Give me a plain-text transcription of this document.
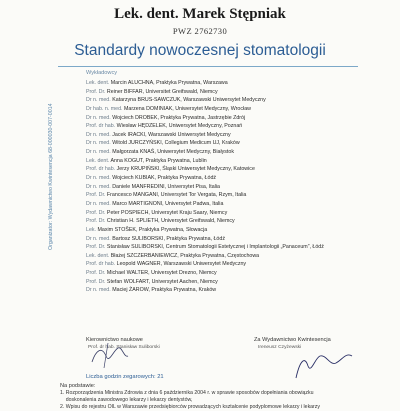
Lek. dent. Marek Stępniak
PWZ 2762730
Standardy nowoczesnej stomatologii
Organizator: Wydawnictwo Kwintesencja 68-000030-007-0014
Wykładowcy
Lek. dent. Marcin ALUCHNA, Praktyka Prywatna, Warszawa
Prof. Dr. Reiner BIFFAR, Universitet Greifswald, Niemcy
Dr n. med. Katarzyna BRUS-SAWCZUK, Warszawski Uniwersytet Medyczny
Dr hab. n. med. Marzena DOMINIAK, Uniwersytet Medyczny, Wrocław
Dr n. med. Wojciech DROBEK, Praktyka Prywatna, Jastrzębie Zdrój
Prof. dr hab. Wiesław HĘDZELEK, Uniwersytet Medyczny, Poznań
Dr n. med. Jacek IRACKI, Warszawski Uniwersytet Medyczny
Dr n. med. Witold JURCZYŃSKI, Collegium Medicum UJ, Kraków
Dr n. med. Małgorzata KNAŚ, Uniwersytet Medyczny, Białystok
Lek. dent. Anna KOGUT, Praktyka Prywatna, Lublin
Prof. dr hab. Jerzy KRUPIŃSKI, Śląski Uniwersytet Medyczny, Katowice
Dr n. med. Wojciech KUBIAK, Praktyka Prywatna, Łódź
Dr n. med. Daniele MANFREDINI, Universytet Pisa, Italia
Prof. Dr. Francesco MANGANI, Universytet Tor Vergata, Rzym, Italia
Dr n. med. Marco MARTIGNONI, Universytet Padwa, Italia
Prof. Dr. Peter POSPIECH, Universytet Kraju Saary, Niemcy
Prof. Dr. Christian H. SPLIETH, Universytet Greifswald, Niemcy
Lek. Maxim STOŠEK, Praktyka Prywatna, Słowacja
Dr n. med. Bartosz SULIBORSKI, Praktyka Prywatna, Łódź
Prof. Dr. Stanisław SULIBORSKI, Centrum Stomatologii Estetycznej i Implantologii „Panaceum”, Łódź
Lek. dent. Błażej SZCZERBANIEWICZ, Praktyka Prywatna, Częstochowa
Prof. dr hab. Leopold WAGNER, Warszawski Uniwersytet Medyczny
Prof. Dr. Michael WALTER, Universytet Drezno, Niemcy
Prof. Dr. Stefan WOLFART, Universytet Aachen, Niemcy
Dr n. med. Maciej ŻAROW, Praktyka Prywatna, Kraków
Kierownictwo naukowe
Prof. dr hab. Stanisław Suliborski
Za Wydawnictwo Kwintesencja
Ireneusz Czyżewski
Liczba godzin zegarowych: 21
Na podstawie:
1. Rozporządzenia Ministra Zdrowia z dnia 6 października 2004 r. w sprawie sposobów dopełniania obowiązku
doskonalenia zawodowego lekarzy i lekarzy dentystów,
2. Wpisu do rejestru OIL w Warszawie przedsiębiorców prowadzących kształcenie podyplomowe lekarzy i lekarzy
